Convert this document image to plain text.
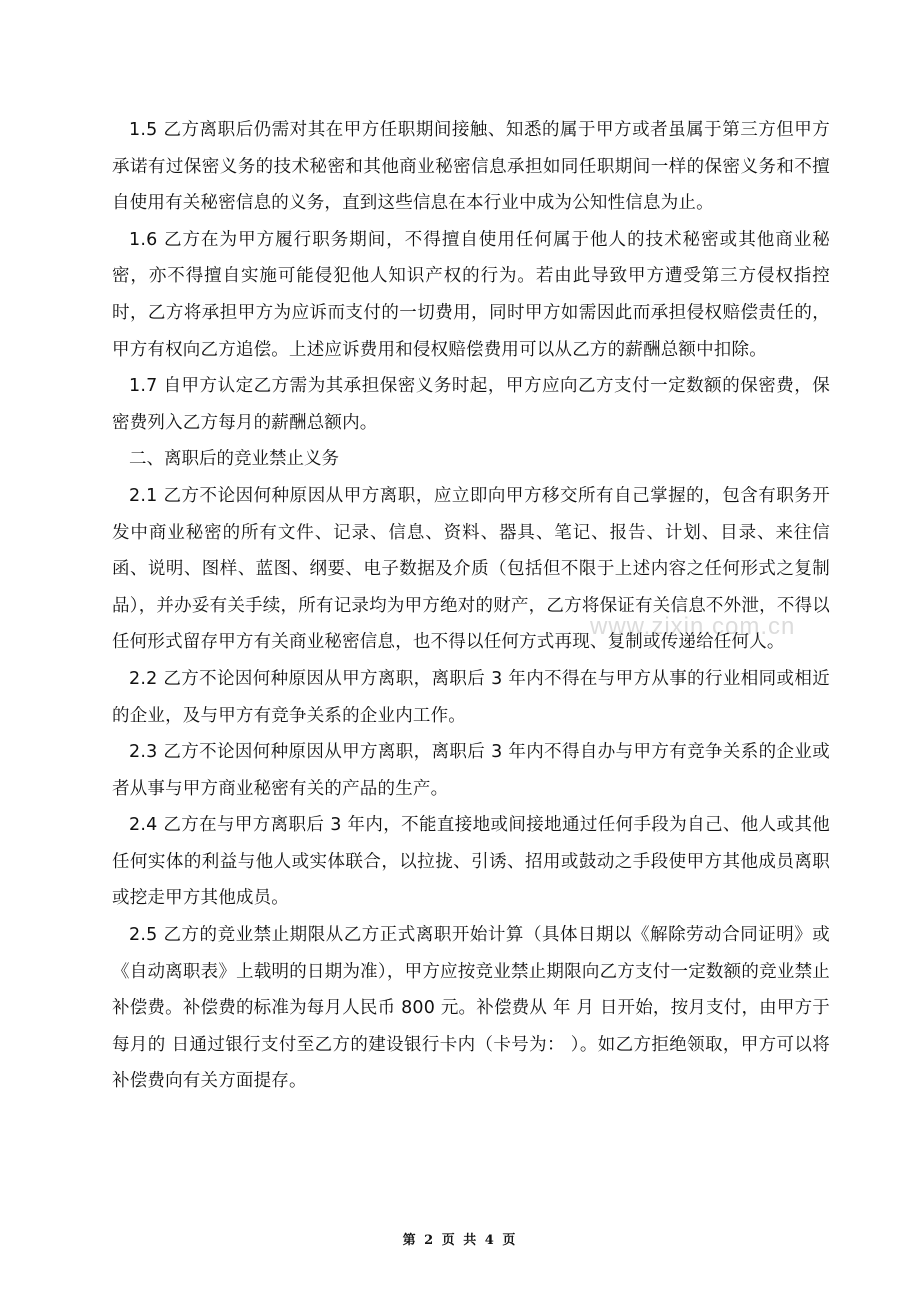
www.zixin.com.cn

1.5 乙方离职后仍需对其在甲方任职期间接触、知悉的属于甲方或者虽属于第三方但甲方承诺有过保密义务的技术秘密和其他商业秘密信息承担如同任职期间一样的保密义务和不擅自使用有关秘密信息的义务，直到这些信息在本行业中成为公知性信息为止。

1.6 乙方在为甲方履行职务期间，不得擅自使用任何属于他人的技术秘密或其他商业秘密，亦不得擅自实施可能侵犯他人知识产权的行为。若由此导致甲方遭受第三方侵权指控时，乙方将承担甲方为应诉而支付的一切费用，同时甲方如需因此而承担侵权赔偿责任的，甲方有权向乙方追偿。上述应诉费用和侵权赔偿费用可以从乙方的薪酬总额中扣除。

1.7 自甲方认定乙方需为其承担保密义务时起，甲方应向乙方支付一定数额的保密费，保密费列入乙方每月的薪酬总额内。

二、离职后的竞业禁止义务

2.1 乙方不论因何种原因从甲方离职，应立即向甲方移交所有自己掌握的，包含有职务开发中商业秘密的所有文件、记录、信息、资料、器具、笔记、报告、计划、目录、来往信函、说明、图样、蓝图、纲要、电子数据及介质（包括但不限于上述内容之任何形式之复制品），并办妥有关手续，所有记录均为甲方绝对的财产，乙方将保证有关信息不外泄，不得以任何形式留存甲方有关商业秘密信息，也不得以任何方式再现、复制或传递给任何人。

2.2 乙方不论因何种原因从甲方离职，离职后 3 年内不得在与甲方从事的行业相同或相近的企业，及与甲方有竞争关系的企业内工作。

2.3 乙方不论因何种原因从甲方离职，离职后 3 年内不得自办与甲方有竞争关系的企业或者从事与甲方商业秘密有关的产品的生产。

2.4 乙方在与甲方离职后 3 年内，不能直接地或间接地通过任何手段为自己、他人或其他任何实体的利益与他人或实体联合，以拉拢、引诱、招用或鼓动之手段使甲方其他成员离职或挖走甲方其他成员。

2.5 乙方的竞业禁止期限从乙方正式离职开始计算（具体日期以《解除劳动合同证明》或《自动离职表》上载明的日期为准），甲方应按竞业禁止期限向乙方支付一定数额的竞业禁止补偿费。补偿费的标准为每月人民币 800 元。补偿费从 年 月 日开始，按月支付，由甲方于每月的 日通过银行支付至乙方的建设银行卡内（卡号为： ）。如乙方拒绝领取，甲方可以将补偿费向有关方面提存。

第 2 页 共 4 页
